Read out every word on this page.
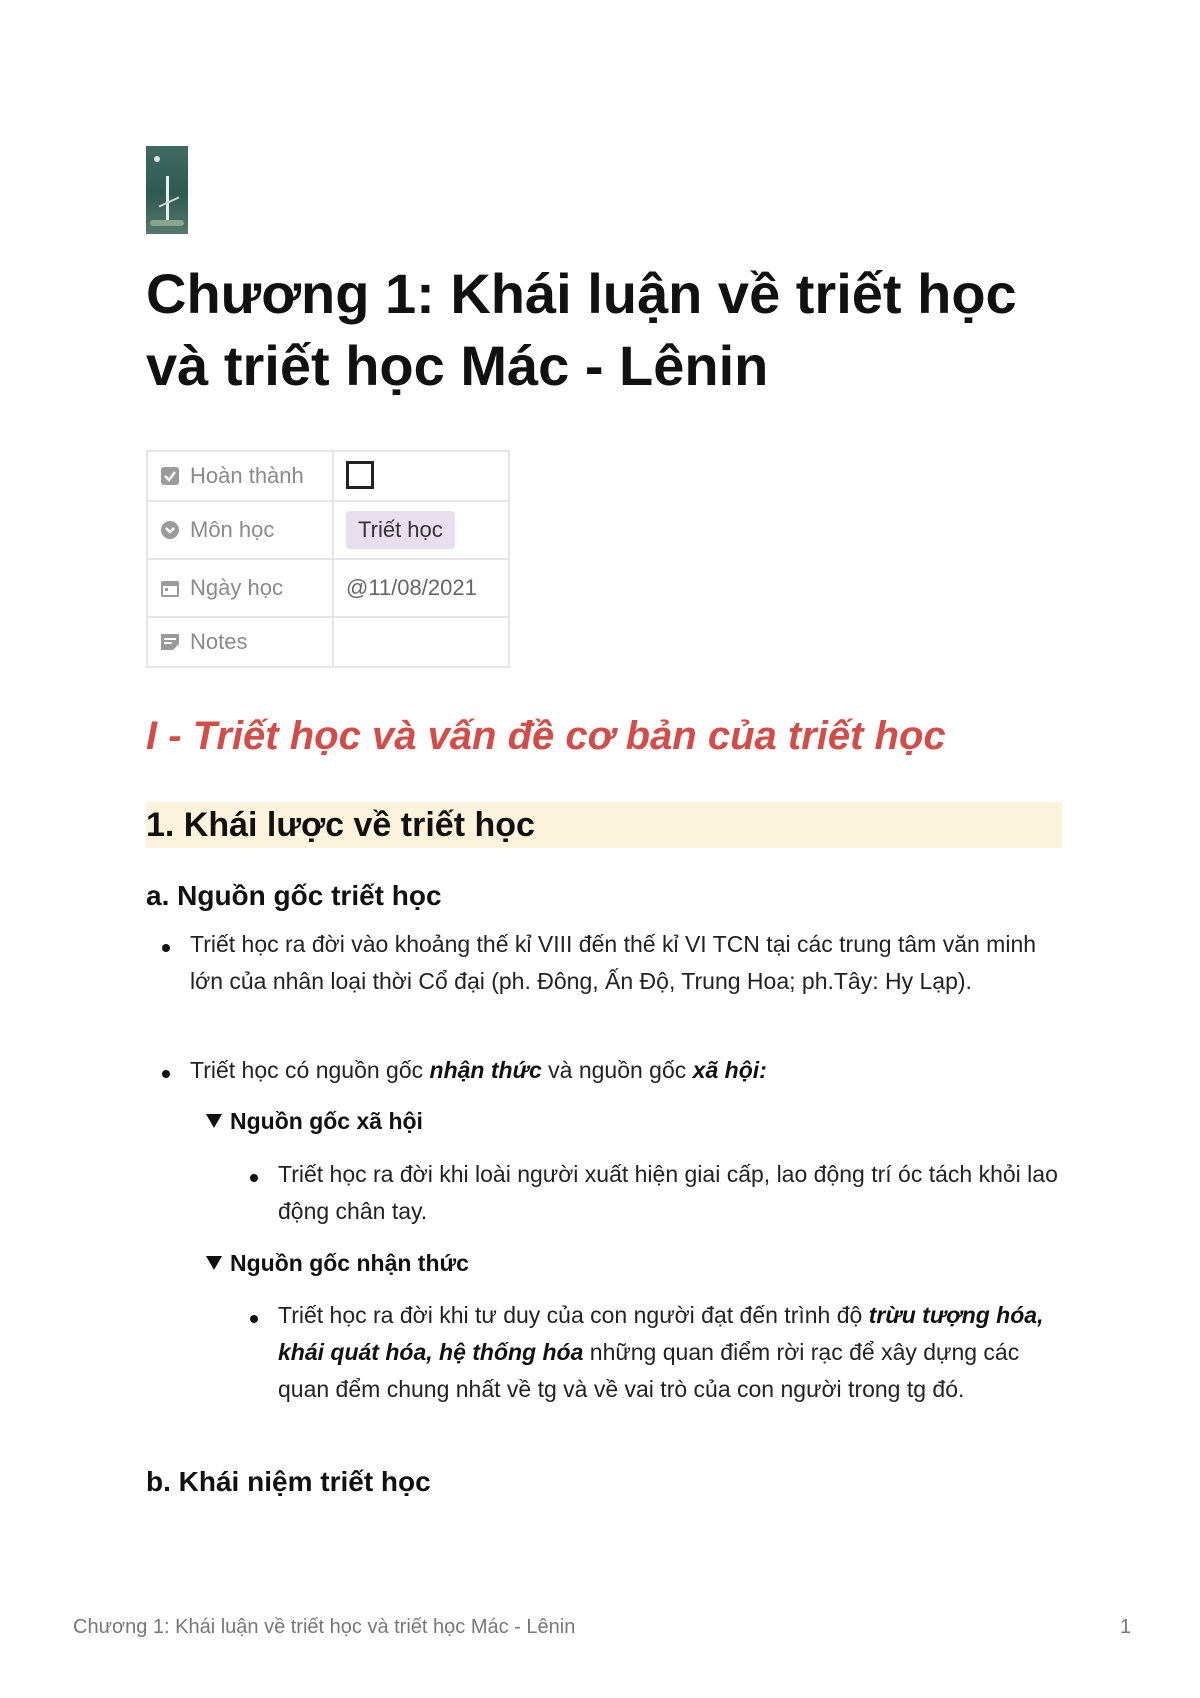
Chương 1: Khái luận về triết học và triết học Mác - Lênin
Hoàn thành	
Môn học	Triết học
Ngày học	@11/08/2021
Notes	
I - Triết học và vấn đề cơ bản của triết học
1. Khái lược về triết học
a. Nguồn gốc triết học

Triết học ra đời vào khoảng thế kỉ VIII đến thế kỉ VI TCN tại các trung tâm văn minh lớn của nhân loại thời Cổ đại (ph. Đông, Ấn Độ, Trung Hoa; ph.Tây: Hy Lạp).

Triết học có nguồn gốc nhận thức và nguồn gốc xã hội:

Nguồn gốc xã hội

Triết học ra đời khi loài người xuất hiện giai cấp, lao động trí óc tách khỏi lao động chân tay.

Nguồn gốc nhận thức

Triết học ra đời khi tư duy của con người đạt đến trình độ trừu tượng hóa, khái quát hóa, hệ thống hóa những quan điểm rời rạc để xây dựng các quan đểm chung nhất về tg và về vai trò của con người trong tg đó.

b. Khái niệm triết học
Chương 1: Khái luận về triết học và triết học Mác - Lênin	1
